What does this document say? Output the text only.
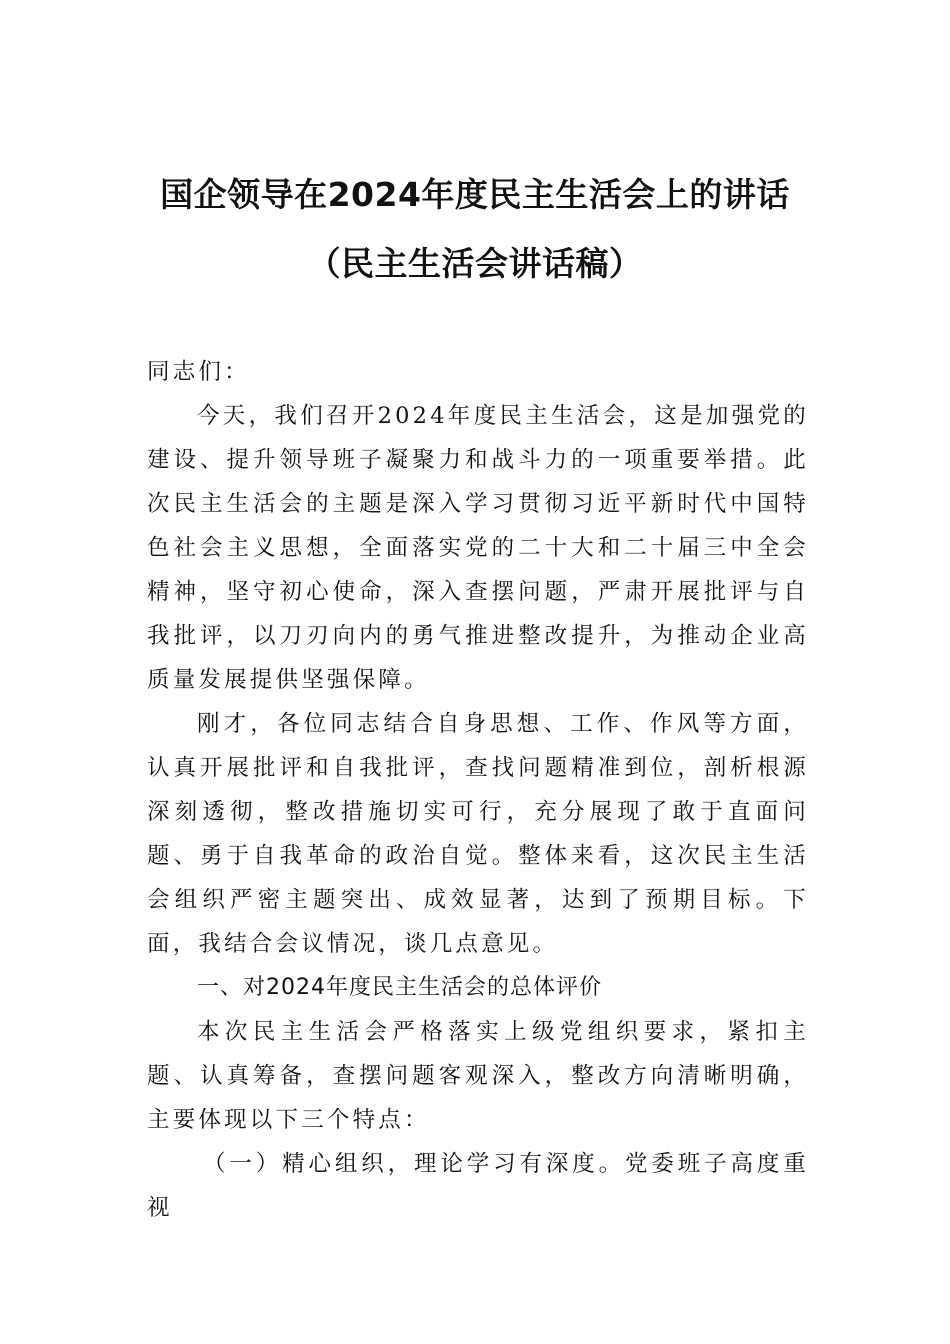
国企领导在2024年度民主生活会上的讲话
（民主生活会讲话稿）

同志们：

今天，我们召开2024年度民主生活会，这是加强党的建设、提升领导班子凝聚力和战斗力的一项重要举措。此次民主生活会的主题是深入学习贯彻习近平新时代中国特色社会主义思想，全面落实党的二十大和二十届三中全会精神，坚守初心使命，深入查摆问题，严肃开展批评与自我批评，以刀刃向内的勇气推进整改提升，为推动企业高质量发展提供坚强保障。

刚才，各位同志结合自身思想、工作、作风等方面，认真开展批评和自我批评，查找问题精准到位，剖析根源深刻透彻，整改措施切实可行，充分展现了敢于直面问题、勇于自我革命的政治自觉。整体来看，这次民主生活会组织严密主题突出、成效显著，达到了预期目标。下面，我结合会议情况，谈几点意见。

一、对2024年度民主生活会的总体评价

本次民主生活会严格落实上级党组织要求，紧扣主题、认真筹备，查摆问题客观深入，整改方向清晰明确，主要体现以下三个特点：

（一）精心组织，理论学习有深度。党委班子高度重视
